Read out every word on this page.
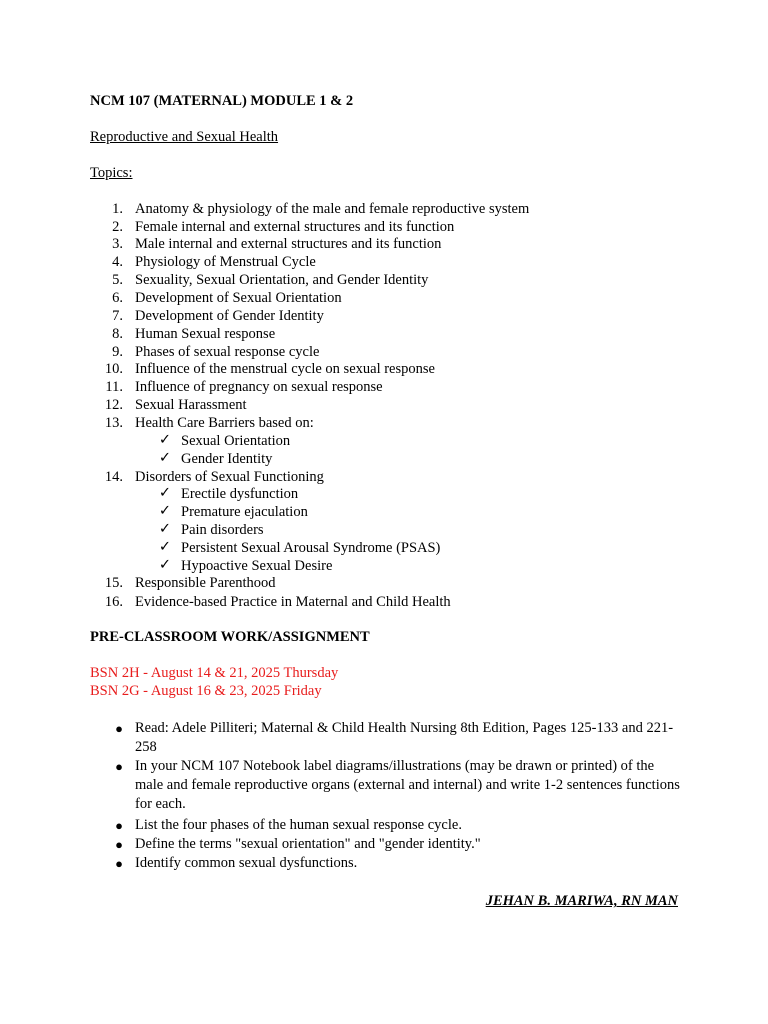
NCM 107 (MATERNAL) MODULE 1 & 2
Reproductive and Sexual Health
Topics:
1. Anatomy & physiology of the male and female reproductive system
2. Female internal and external structures and its function
3. Male internal and external structures and its function
4. Physiology of Menstrual Cycle
5. Sexuality, Sexual Orientation, and Gender Identity
6. Development of Sexual Orientation
7. Development of Gender Identity
8. Human Sexual response
9. Phases of sexual response cycle
10. Influence of the menstrual cycle on sexual response
11. Influence of pregnancy on sexual response
12. Sexual Harassment
13. Health Care Barriers based on:
✓ Sexual Orientation
✓ Gender Identity
14. Disorders of Sexual Functioning
✓ Erectile dysfunction
✓ Premature ejaculation
✓ Pain disorders
✓ Persistent Sexual Arousal Syndrome (PSAS)
✓ Hypoactive Sexual Desire
15. Responsible Parenthood
16. Evidence-based Practice in Maternal and Child Health
PRE-CLASSROOM WORK/ASSIGNMENT
BSN 2H - August 14 & 21, 2025 Thursday
BSN 2G - August 16 & 23, 2025 Friday
● Read: Adele Pilliteri; Maternal & Child Health Nursing 8th Edition, Pages 125-133 and 221-258
● In your NCM 107 Notebook label diagrams/illustrations (may be drawn or printed) of the male and female reproductive organs (external and internal) and write 1-2 sentences functions for each.
● List the four phases of the human sexual response cycle.
● Define the terms "sexual orientation" and "gender identity."
● Identify common sexual dysfunctions.
JEHAN B. MARIWA, RN MAN
